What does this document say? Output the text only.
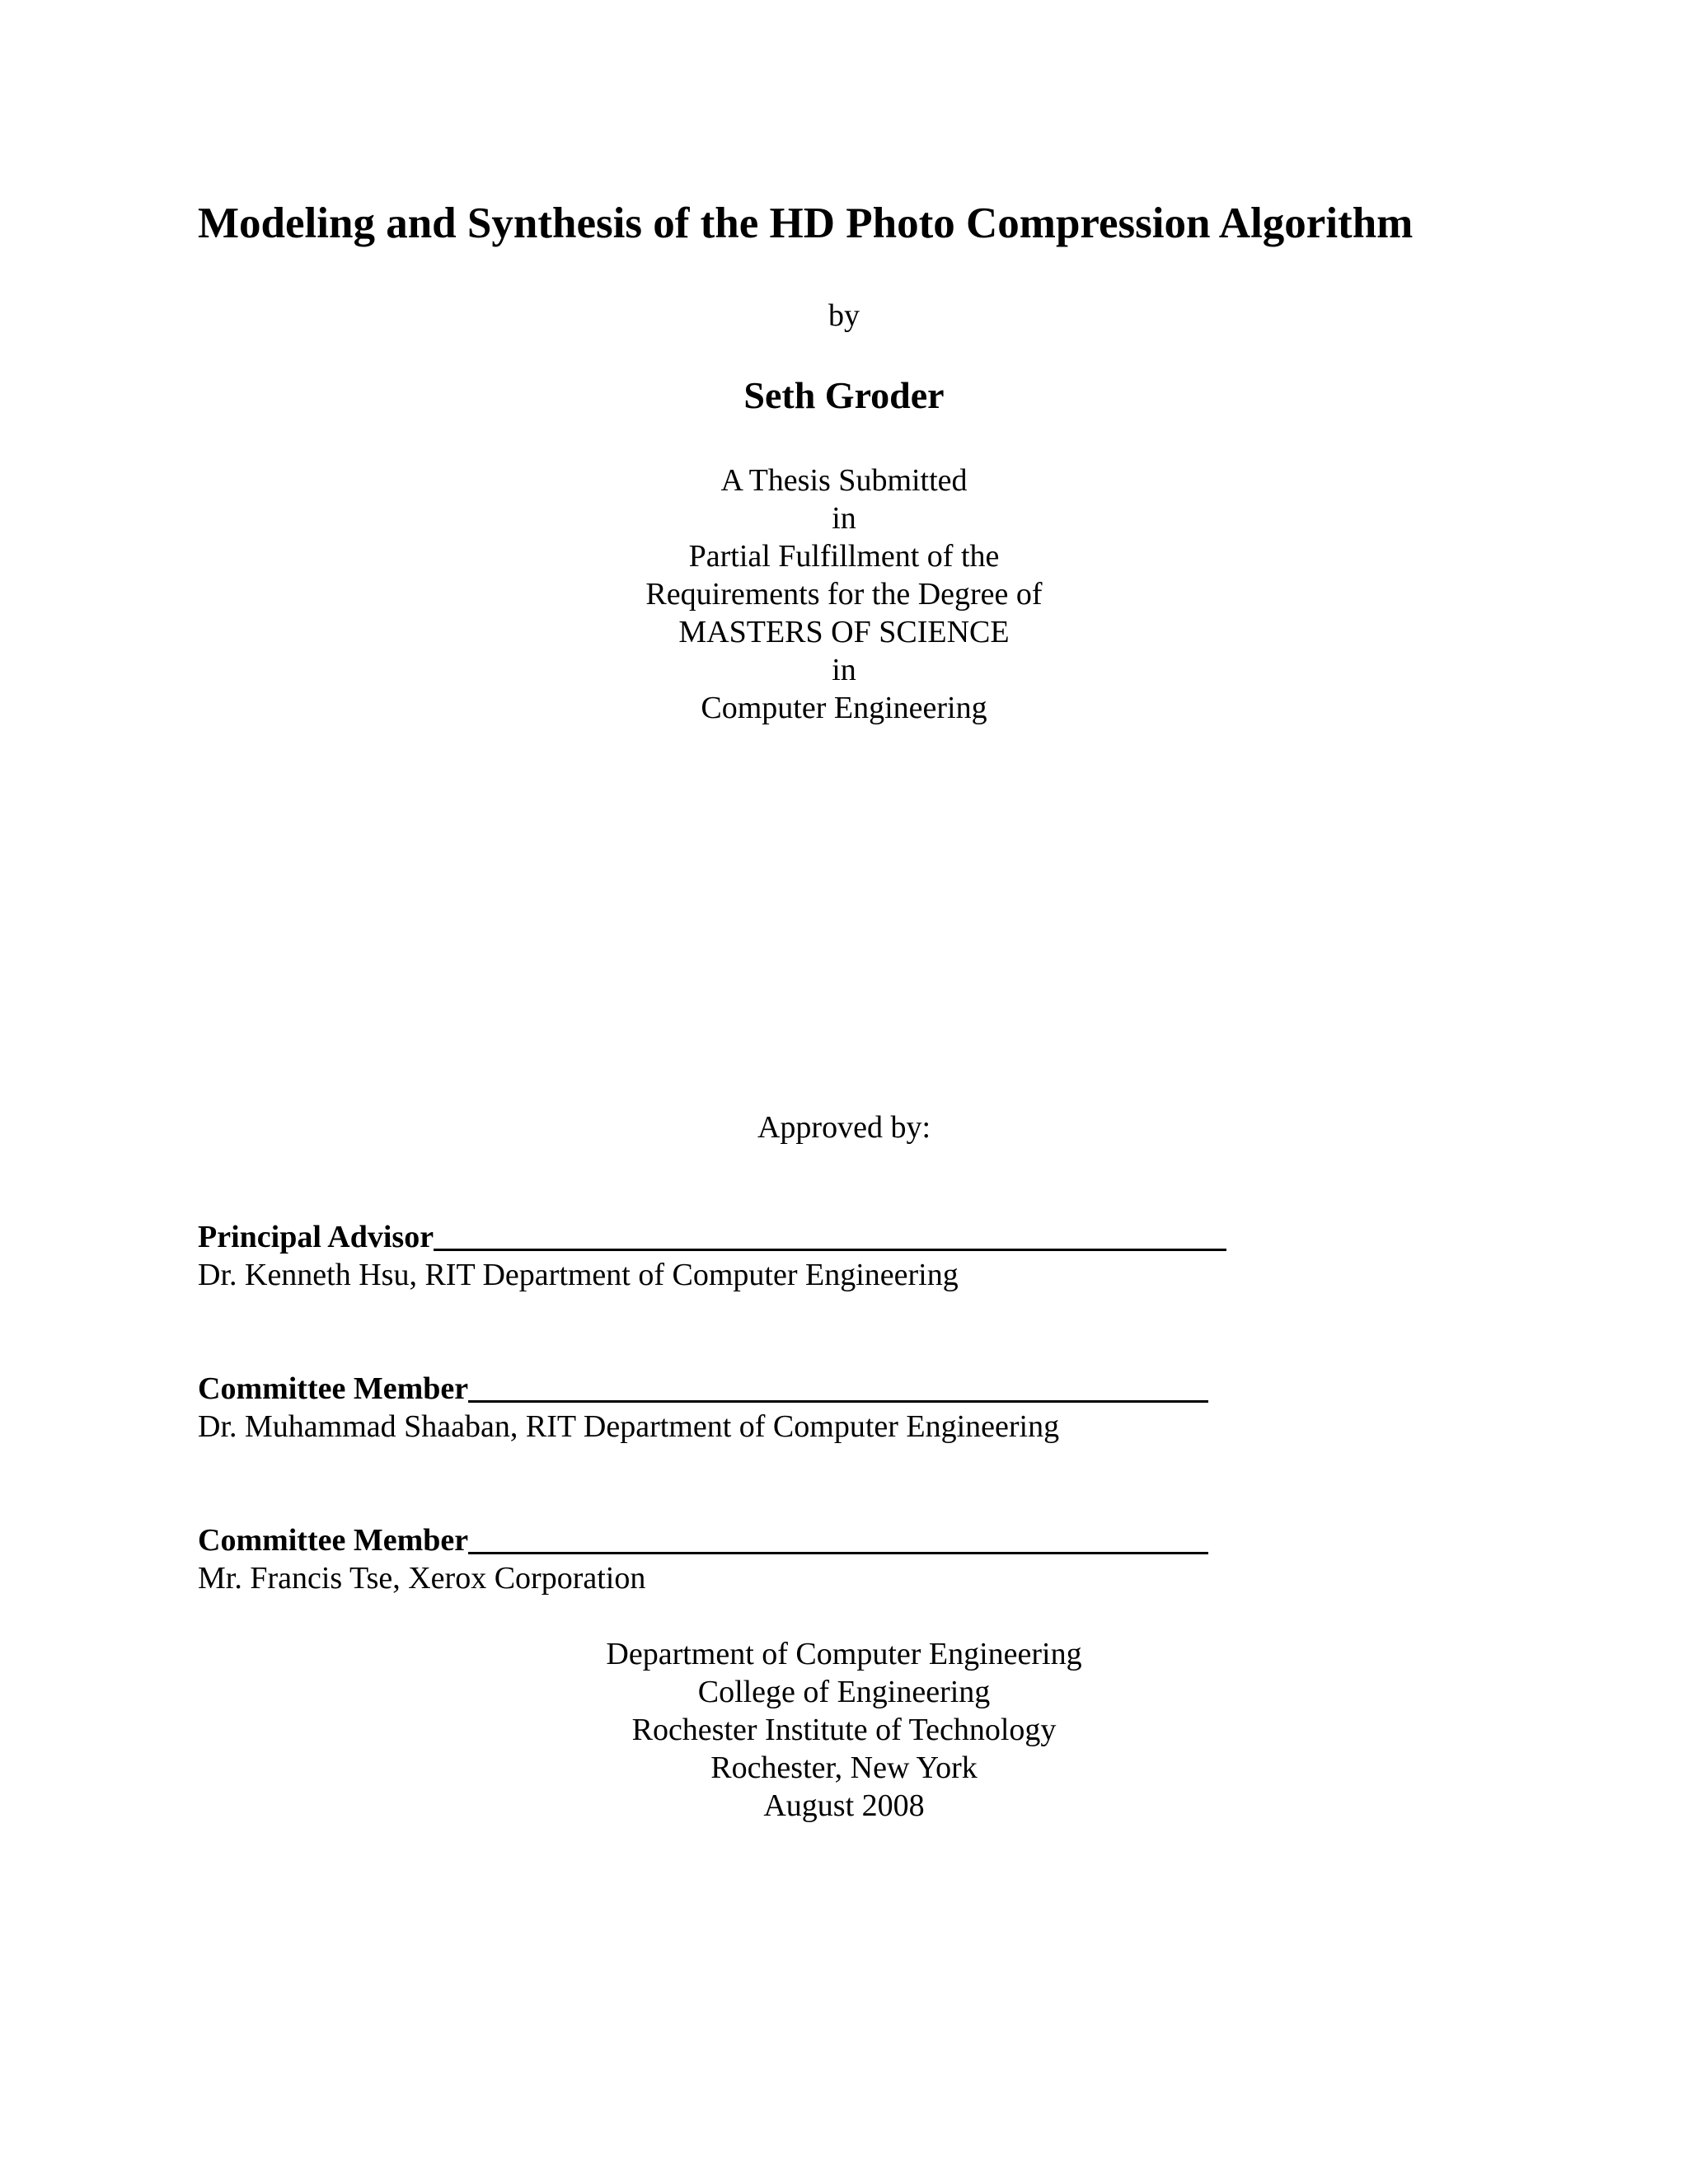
Modeling and Synthesis of the HD Photo Compression Algorithm
by
Seth Groder
A Thesis Submitted
in
Partial Fulfillment of the
Requirements for the Degree of
MASTERS OF SCIENCE
in
Computer Engineering
Approved by:
Principal Advisor
Dr. Kenneth Hsu, RIT Department of Computer Engineering
Committee Member
Dr. Muhammad Shaaban, RIT Department of Computer Engineering
Committee Member
Mr. Francis Tse, Xerox Corporation
Department of Computer Engineering
College of Engineering
Rochester Institute of Technology
Rochester, New York
August 2008
